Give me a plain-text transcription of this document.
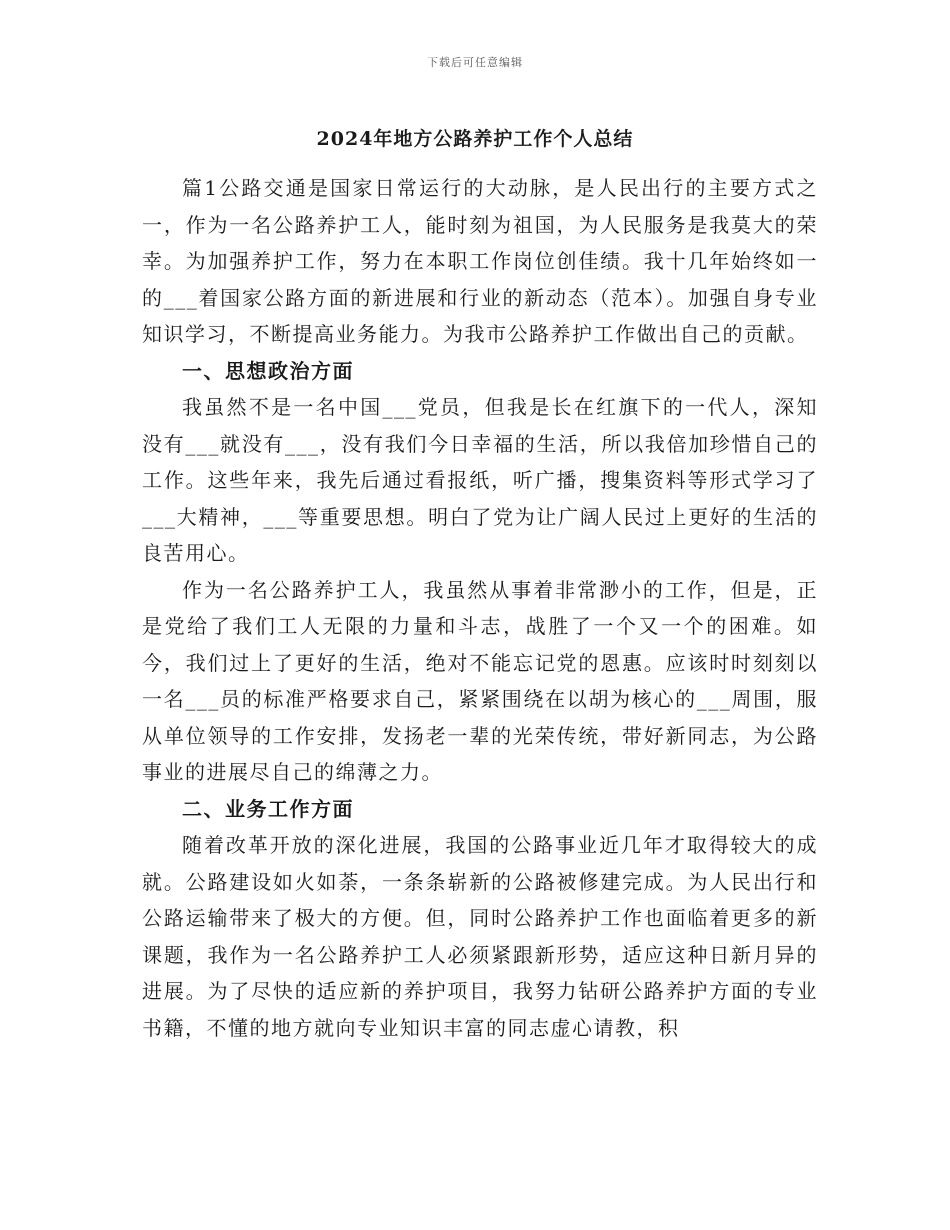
下载后可任意编辑
2024年地方公路养护工作个人总结

篇1公路交通是国家日常运行的大动脉，是人民出行的主要方式之一，作为一名公路养护工人，能时刻为祖国，为人民服务是我莫大的荣幸。为加强养护工作，努力在本职工作岗位创佳绩。我十几年始终如一的___着国家公路方面的新进展和行业的新动态（范本）。加强自身专业知识学习，不断提高业务能力。为我市公路养护工作做出自己的贡献。

一、思想政治方面

我虽然不是一名中国___党员，但我是长在红旗下的一代人，深知没有___就没有___，没有我们今日幸福的生活，所以我倍加珍惜自己的工作。这些年来，我先后通过看报纸，听广播，搜集资料等形式学习了___大精神，___等重要思想。明白了党为让广阔人民过上更好的生活的良苦用心。

作为一名公路养护工人，我虽然从事着非常渺小的工作，但是，正是党给了我们工人无限的力量和斗志，战胜了一个又一个的困难。如今，我们过上了更好的生活，绝对不能忘记党的恩惠。应该时时刻刻以一名___员的标准严格要求自己，紧紧围绕在以胡为核心的___周围，服从单位领导的工作安排，发扬老一辈的光荣传统，带好新同志，为公路事业的进展尽自己的绵薄之力。

二、业务工作方面

随着改革开放的深化进展，我国的公路事业近几年才取得较大的成就。公路建设如火如荼，一条条崭新的公路被修建完成。为人民出行和公路运输带来了极大的方便。但，同时公路养护工作也面临着更多的新课题，我作为一名公路养护工人必须紧跟新形势，适应这种日新月异的进展。为了尽快的适应新的养护项目，我努力钻研公路养护方面的专业书籍，不懂的地方就向专业知识丰富的同志虚心请教，积
